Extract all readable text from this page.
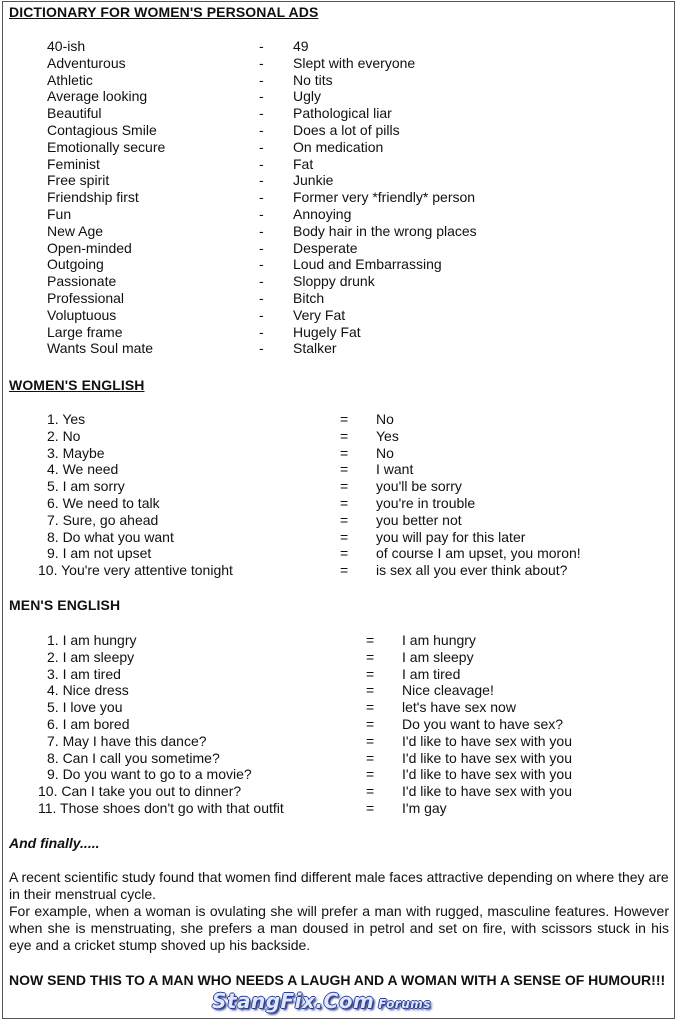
DICTIONARY FOR WOMEN'S PERSONAL ADS
40-ish	- 49
Adventurous	- Slept with everyone
Athletic	- No tits
Average looking	- Ugly
Beautiful	- Pathological liar
Contagious Smile	- Does a lot of pills
Emotionally secure	- On medication
Feminist	- Fat
Free spirit	- Junkie
Friendship first	- Former very *friendly* person
Fun	- Annoying
New Age	- Body hair in the wrong places
Open-minded	- Desperate
Outgoing	- Loud and Embarrassing
Passionate	- Sloppy drunk
Professional	- Bitch
Voluptuous	- Very Fat
Large frame	- Hugely Fat
Wants Soul mate	- Stalker
WOMEN'S ENGLISH
1. Yes	= No
2. No	= Yes
3. Maybe	= No
4. We need	= I want
5. I am sorry	= you'll be sorry
6. We need to talk	= you're in trouble
7. Sure, go ahead	= you better not
8. Do what you want	= you will pay for this later
9. I am not upset	= of course I am upset, you moron!
10. You're very attentive tonight	= is sex all you ever think about?
MEN'S ENGLISH
1. I am hungry	= I am hungry
2. I am sleepy	= I am sleepy
3. I am tired	= I am tired
4. Nice dress	= Nice cleavage!
5. I love you	= let's have sex now
6. I am bored	= Do you want to have sex?
7. May I have this dance?	= I'd like to have sex with you
8. Can I call you sometime?	= I'd like to have sex with you
9. Do you want to go to a movie?	= I'd like to have sex with you
10. Can I take you out to dinner?	= I'd like to have sex with you
11. Those shoes don't go with that outfit	= I'm gay
And finally.....

A recent scientific study found that women find different male faces attractive depending on where they are in their menstrual cycle.

For example, when a woman is ovulating she will prefer a man with rugged, masculine features. However when she is menstruating, she prefers a man doused in petrol and set on fire, with scissors stuck in his eye and a cricket stump shoved up his backside.

NOW SEND THIS TO A MAN WHO NEEDS A LAUGH AND A WOMAN WITH A SENSE OF HUMOUR!!!
StangFix.Com Forums
